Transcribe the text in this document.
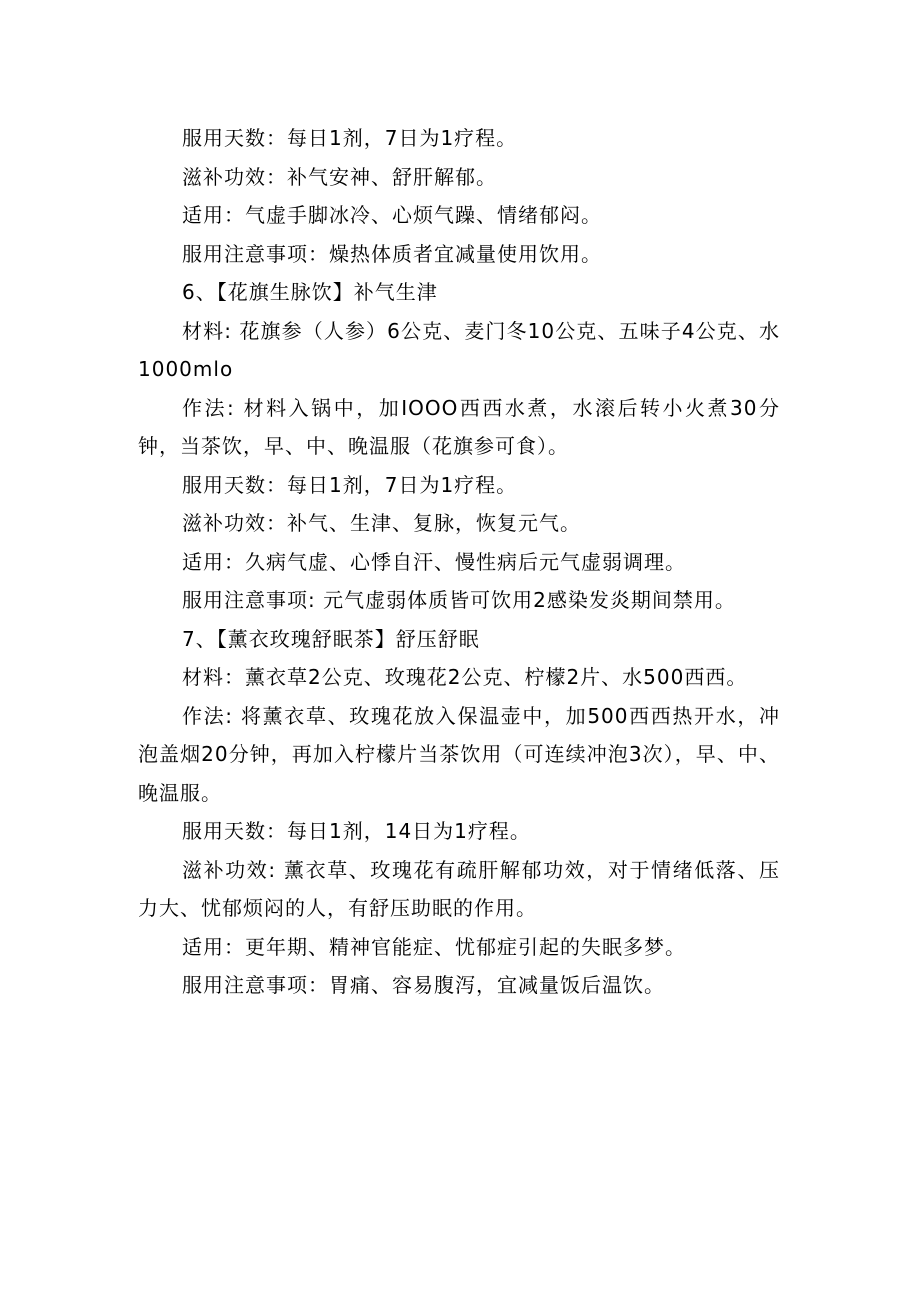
服用天数：每日1剂，7日为1疗程。

滋补功效：补气安神、舒肝解郁。

适用：气虚手脚冰冷、心烦气躁、情绪郁闷。

服用注意事项：燥热体质者宜减量使用饮用。

6、【花旗生脉饮】补气生津

材料: 花旗参（人参）6公克、麦门冬10公克、五味子4公克、水1000mlo

作法: 材料入锅中，加IOOO西西水煮，水滚后转小火煮30分钟，当茶饮，早、中、晚温服（花旗参可食）。

服用天数：每日1剂，7日为1疗程。

滋补功效：补气、生津、复脉，恢复元气。

适用：久病气虚、心悸自汗、慢性病后元气虚弱调理。

服用注意事项: 元气虚弱体质皆可饮用2感染发炎期间禁用。

7、【薰衣玫瑰舒眠茶】舒压舒眠

材料：薰衣草2公克、玫瑰花2公克、柠檬2片、水500西西。

作法: 将薰衣草、玫瑰花放入保温壶中，加500西西热开水，冲泡盖烟20分钟，再加入柠檬片当茶饮用（可连续冲泡3次），早、中、晚温服。

服用天数：每日1剂，14日为1疗程。

滋补功效: 薰衣草、玫瑰花有疏肝解郁功效，对于情绪低落、压力大、忧郁烦闷的人，有舒压助眠的作用。

适用：更年期、精神官能症、忧郁症引起的失眠多梦。

服用注意事项：胃痛、容易腹泻，宜减量饭后温饮。
